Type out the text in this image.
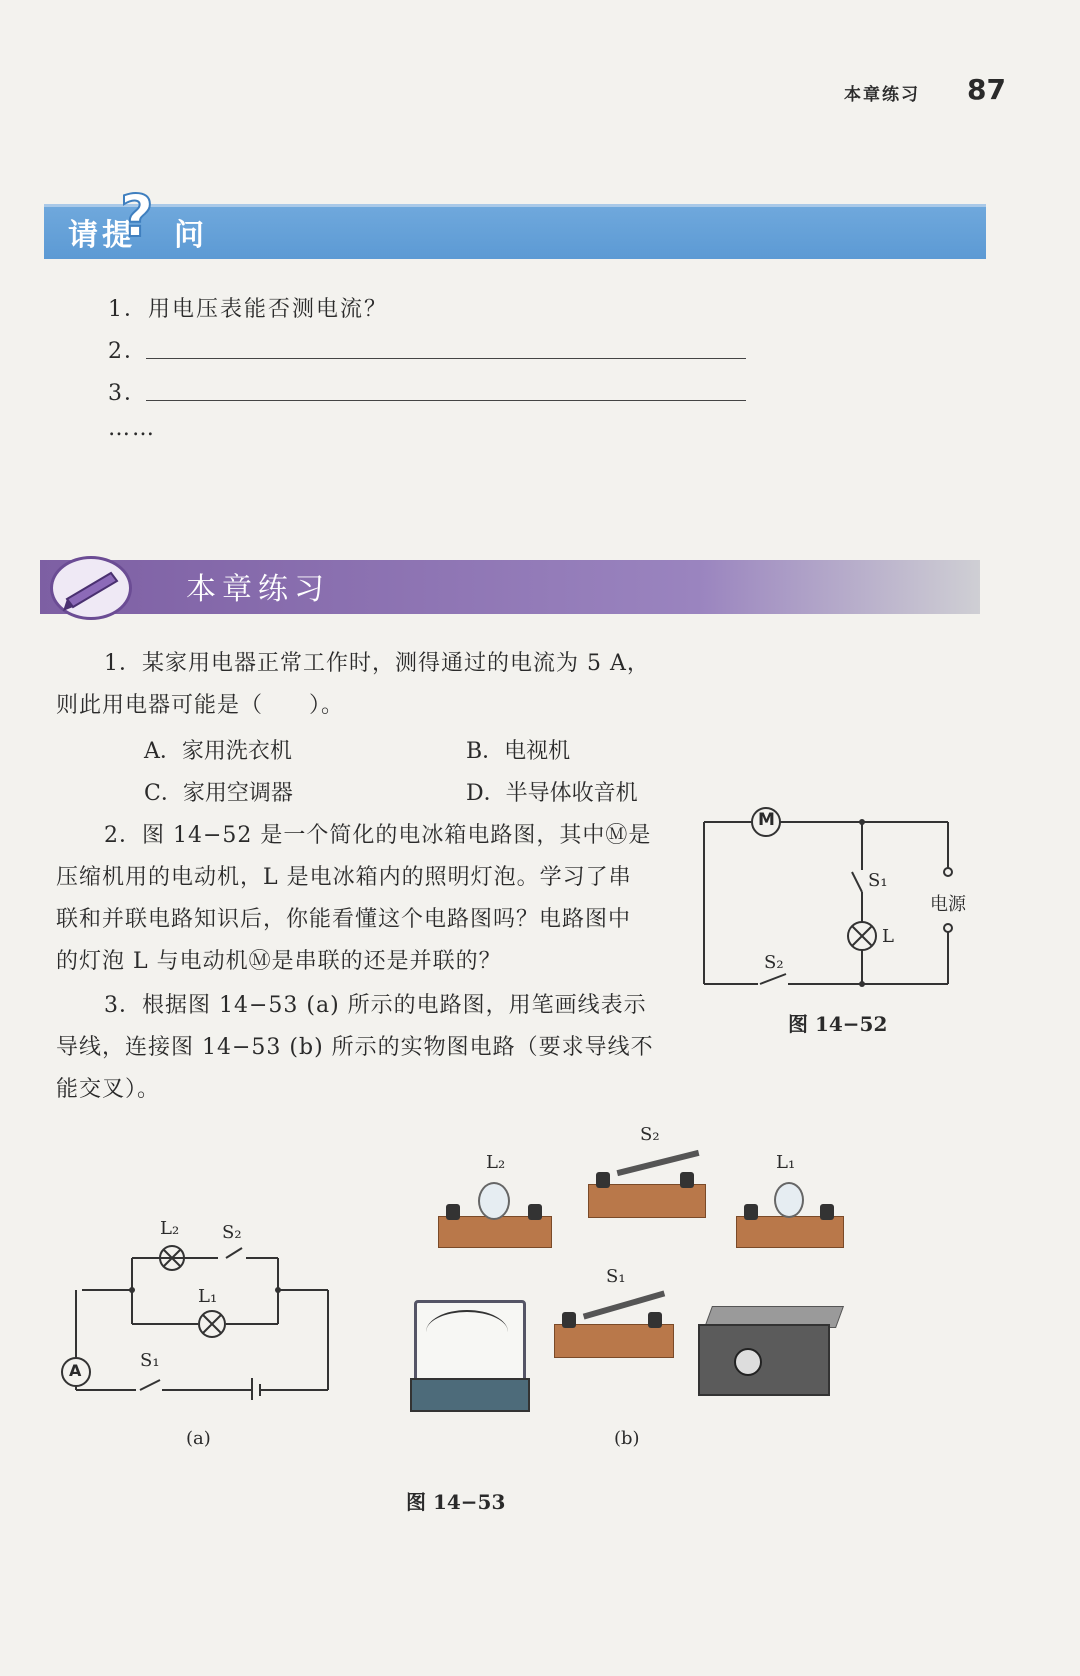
本章练习 87
请提
? 问
1．用电压表能否测电流？
2．
3．
……
本章练习
1．某家用电器正常工作时，测得通过的电流为 5 A，
则此用电器可能是（　　）。
A．家用洗衣机	B．电视机
C．家用空调器	D．半导体收音机
2．图 14−52 是一个简化的电冰箱电路图，其中Ⓜ是
压缩机用的电动机，L 是电冰箱内的照明灯泡。学习了串
联和并联电路知识后，你能看懂这个电路图吗？电路图中
的灯泡 L 与电动机Ⓜ是串联的还是并联的？
3．根据图 14−53 (a) 所示的电路图，用笔画线表示
导线，连接图 14−53 (b) 所示的实物图电路（要求导线不
能交叉）。
M
S₁
S₂
L
电源
图 14−52
L₂ S₂
L₁
A	S₁
(a)
L₂
S₂
L₁
S₁
(b)
图 14−53
